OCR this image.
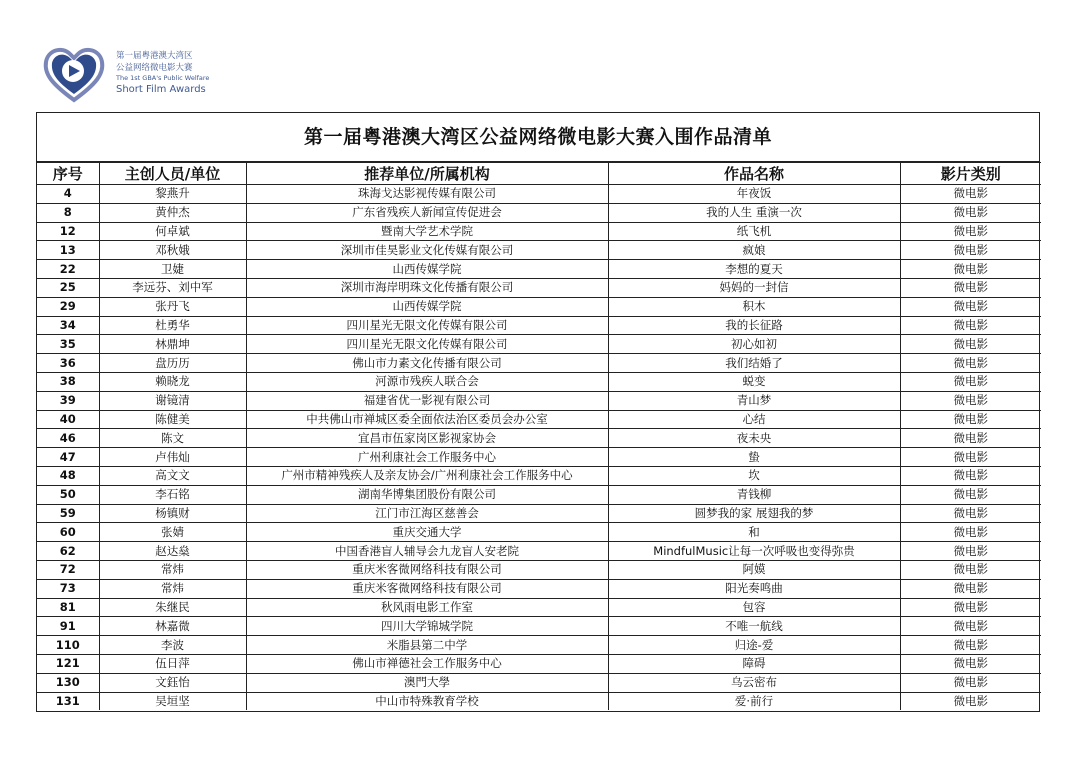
第一届粤港澳大湾区
公益网络微电影大赛
The 1st GBA's Public Welfare
Short Film Awards
第一届粤港澳大湾区公益网络微电影大赛入围作品清单
序号	主创人员/单位	推荐单位/所属机构	作品名称	影片类别
4	黎燕升	珠海戈达影视传媒有限公司	年夜饭	微电影
8	黄仲杰	广东省残疾人新闻宣传促进会	我的人生 重演一次	微电影
12	何卓斌	暨南大学艺术学院	纸飞机	微电影
13	邓秋娥	深圳市佳昊影业文化传媒有限公司	疯娘	微电影
22	卫婕	山西传媒学院	李想的夏天	微电影
25	李远芬、刘中军	深圳市海岸明珠文化传播有限公司	妈妈的一封信	微电影
29	张丹飞	山西传媒学院	积木	微电影
34	杜勇华	四川星光无限文化传媒有限公司	我的长征路	微电影
35	林鼎坤	四川星光无限文化传媒有限公司	初心如初	微电影
36	盘历历	佛山市力素文化传播有限公司	我们结婚了	微电影
38	赖晓龙	河源市残疾人联合会	蜕变	微电影
39	谢镜清	福建省优一影视有限公司	青山梦	微电影
40	陈健美	中共佛山市禅城区委全面依法治区委员会办公室	心结	微电影
46	陈文	宜昌市伍家岗区影视家协会	夜未央	微电影
47	卢伟灿	广州利康社会工作服务中心	蛰	微电影
48	高文文	广州市精神残疾人及亲友协会/广州利康社会工作服务中心	坎	微电影
50	李石铭	湖南华博集团股份有限公司	青钱柳	微电影
59	杨镇财	江门市江海区慈善会	圆梦我的家 展翅我的梦	微电影
60	张婧	重庆交通大学	和	微电影
62	赵达燊	中国香港盲人辅导会九龙盲人安老院	MindfulMusic让每一次呼吸也变得弥贵	微电影
72	常炜	重庆米客微网络科技有限公司	阿嫫	微电影
73	常炜	重庆米客微网络科技有限公司	阳光奏鸣曲	微电影
81	朱继民	秋风雨电影工作室	包容	微电影
91	林嘉微	四川大学锦城学院	不唯一航线	微电影
110	李波	米脂县第二中学	归途-爱	微电影
121	伍日萍	佛山市禅德社会工作服务中心	障碍	微电影
130	文鈺怡	澳門大學	乌云密布	微电影
131	吴垣坚	中山市特殊教育学校	爱·前行	微电影
